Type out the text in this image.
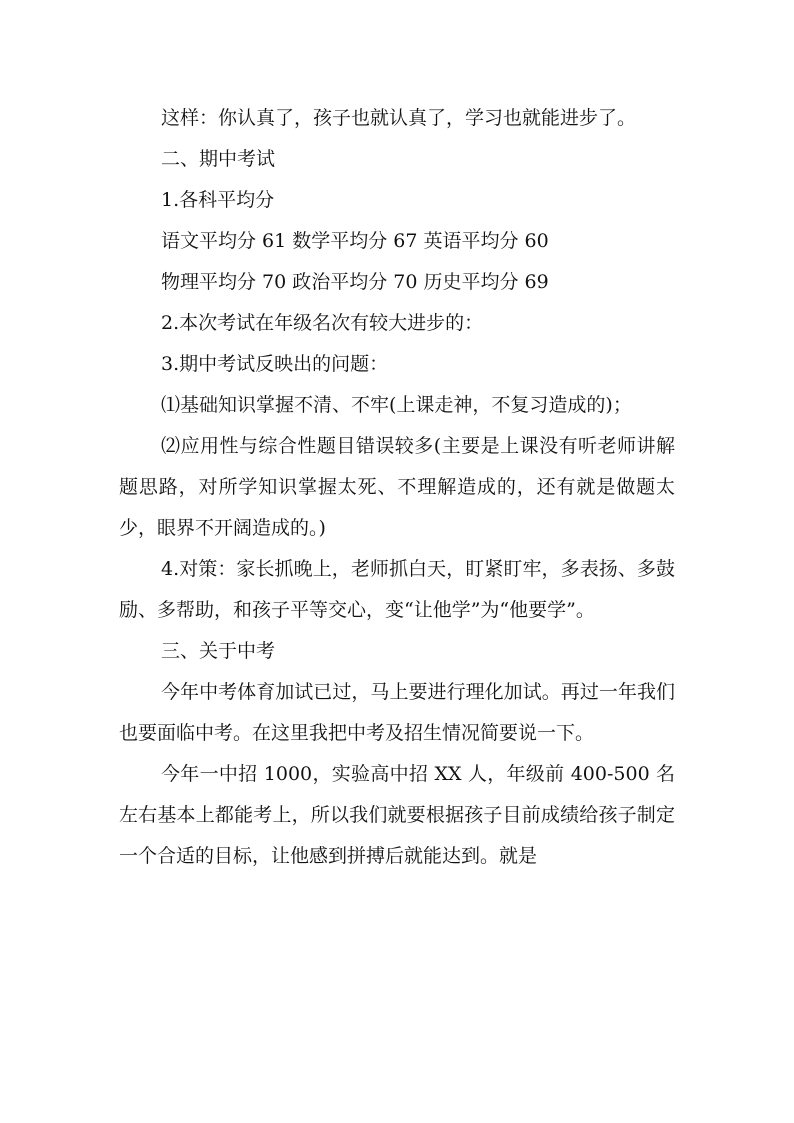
这样：你认真了，孩子也就认真了，学习也就能进步了。

二、期中考试

1.各科平均分

语文平均分 61 数学平均分 67 英语平均分 60

物理平均分 70 政治平均分 70 历史平均分 69

2.本次考试在年级名次有较大进步的：

3.期中考试反映出的问题：

⑴基础知识掌握不清、不牢(上课走神，不复习造成的)；

⑵应用性与综合性题目错误较多(主要是上课没有听老师讲解题思路，对所学知识掌握太死、不理解造成的，还有就是做题太少，眼界不开阔造成的。)

4.对策：家长抓晚上，老师抓白天，盯紧盯牢，多表扬、多鼓励、多帮助，和孩子平等交心，变“让他学”为“他要学”。

三、关于中考

今年中考体育加试已过，马上要进行理化加试。再过一年我们也要面临中考。在这里我把中考及招生情况简要说一下。

今年一中招 1000，实验高中招 XX 人，年级前 400-500 名左右基本上都能考上，所以我们就要根据孩子目前成绩给孩子制定一个合适的目标，让他感到拼搏后就能达到。就是
